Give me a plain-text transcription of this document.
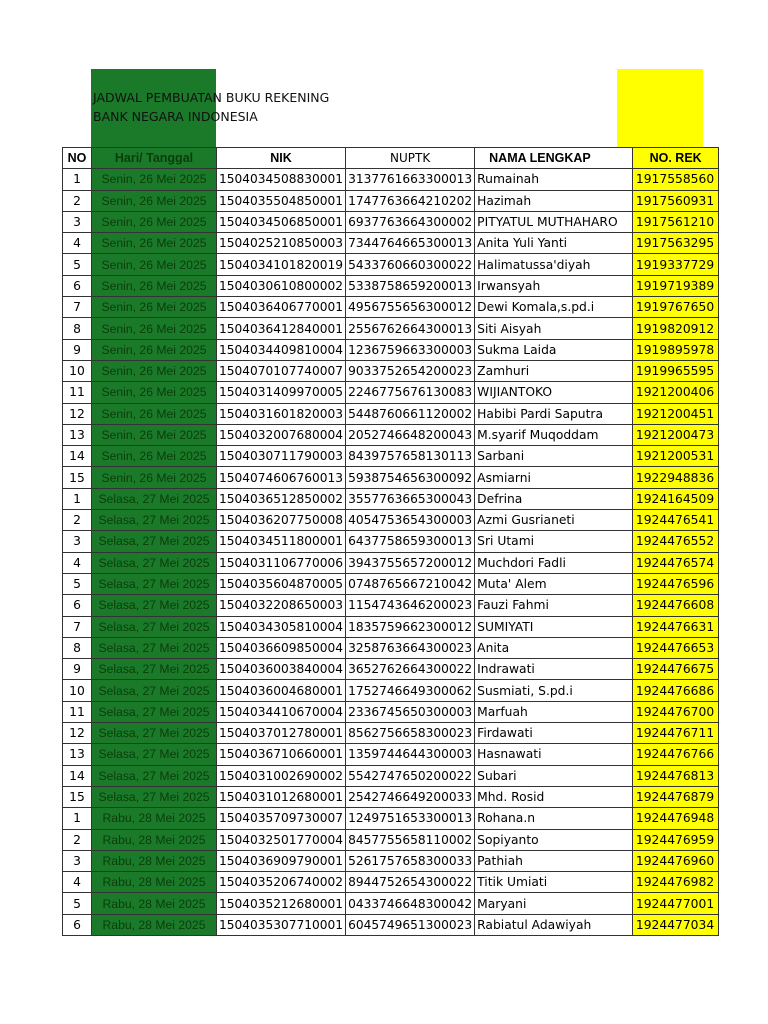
JADWAL PEMBUATAN BUKU REKENING
BANK NEGARA INDONESIA
NO	Hari/ Tanggal	NIK	NUPTK	NAMA LENGKAP	NO. REK
1	Senin, 26 Mei 2025	1504034508830001	3137761663300013	Rumainah	1917558560
2	Senin, 26 Mei 2025	1504035504850001	1747763664210202	Hazimah	1917560931
3	Senin, 26 Mei 2025	1504034506850001	6937763664300002	PITYATUL MUTHAHARO	1917561210
4	Senin, 26 Mei 2025	1504025210850003	7344764665300013	Anita Yuli Yanti	1917563295
5	Senin, 26 Mei 2025	1504034101820019	5433760660300022	Halimatussa'diyah	1919337729
6	Senin, 26 Mei 2025	1504030610800002	5338758659200013	Irwansyah	1919719389
7	Senin, 26 Mei 2025	1504036406770001	4956755656300012	Dewi Komala,s.pd.i	1919767650
8	Senin, 26 Mei 2025	1504036412840001	2556762664300013	Siti Aisyah	1919820912
9	Senin, 26 Mei 2025	1504034409810004	1236759663300003	Sukma Laida	1919895978
10	Senin, 26 Mei 2025	1504070107740007	9033752654200023	Zamhuri	1919965595
11	Senin, 26 Mei 2025	1504031409970005	2246775676130083	WIJIANTOKO	1921200406
12	Senin, 26 Mei 2025	1504031601820003	5448760661120002	Habibi Pardi Saputra	1921200451
13	Senin, 26 Mei 2025	1504032007680004	2052746648200043	M.syarif Muqoddam	1921200473
14	Senin, 26 Mei 2025	1504030711790003	8439757658130113	Sarbani	1921200531
15	Senin, 26 Mei 2025	1504074606760013	5938754656300092	Asmiarni	1922948836
1	Selasa, 27 Mei 2025	1504036512850002	3557763665300043	Defrina	1924164509
2	Selasa, 27 Mei 2025	1504036207750008	4054753654300003	Azmi Gusrianeti	1924476541
3	Selasa, 27 Mei 2025	1504034511800001	6437758659300013	Sri Utami	1924476552
4	Selasa, 27 Mei 2025	1504031106770006	3943755657200012	Muchdori Fadli	1924476574
5	Selasa, 27 Mei 2025	1504035604870005	0748765667210042	Muta' Alem	1924476596
6	Selasa, 27 Mei 2025	1504032208650003	1154743646200023	Fauzi Fahmi	1924476608
7	Selasa, 27 Mei 2025	1504034305810004	1835759662300012	SUMIYATI	1924476631
8	Selasa, 27 Mei 2025	1504036609850004	3258763664300023	Anita	1924476653
9	Selasa, 27 Mei 2025	1504036003840004	3652762664300022	Indrawati	1924476675
10	Selasa, 27 Mei 2025	1504036004680001	1752746649300062	Susmiati, S.pd.i	1924476686
11	Selasa, 27 Mei 2025	1504034410670004	2336745650300003	Marfuah	1924476700
12	Selasa, 27 Mei 2025	1504037012780001	8562756658300023	Firdawati	1924476711
13	Selasa, 27 Mei 2025	1504036710660001	1359744644300003	Hasnawati	1924476766
14	Selasa, 27 Mei 2025	1504031002690002	5542747650200022	Subari	1924476813
15	Selasa, 27 Mei 2025	1504031012680001	2542746649200033	Mhd. Rosid	1924476879
1	Rabu, 28 Mei 2025	1504035709730007	1249751653300013	Rohana.n	1924476948
2	Rabu, 28 Mei 2025	1504032501770004	8457755658110002	Sopiyanto	1924476959
3	Rabu, 28 Mei 2025	1504036909790001	5261757658300033	Pathiah	1924476960
4	Rabu, 28 Mei 2025	1504035206740002	8944752654300022	Titik Umiati	1924476982
5	Rabu, 28 Mei 2025	1504035212680001	0433746648300042	Maryani	1924477001
6	Rabu, 28 Mei 2025	1504035307710001	6045749651300023	Rabiatul Adawiyah	1924477034
